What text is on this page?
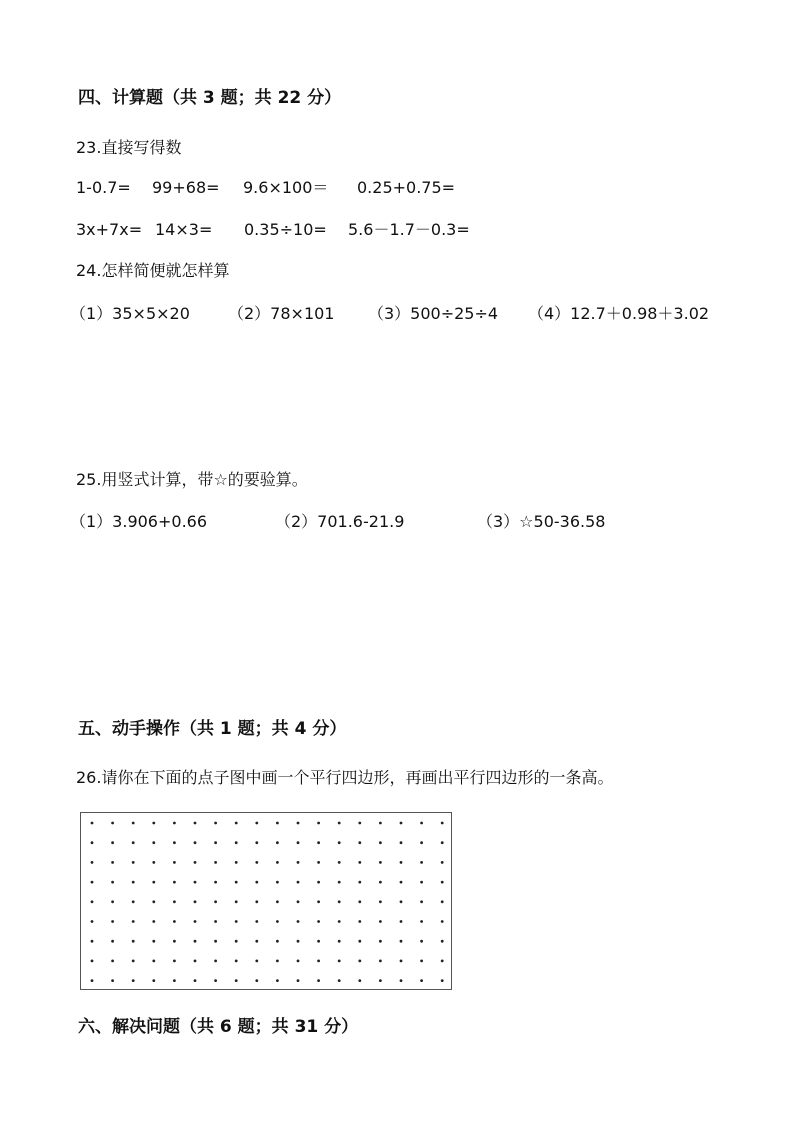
四、计算题（共 3 题；共 22 分）
23.直接写得数
1-0.7= 99+68= 9.6×100＝ 0.25+0.75=
3x+7x= 14×3= 0.35÷10= 5.6－1.7－0.3=
24.怎样简便就怎样算
（1）35×5×20 （2）78×101 （3）500÷25÷4 （4）12.7＋0.98＋3.02
25.用竖式计算，带☆的要验算。
（1）3.906+0.66	（2）701.6-21.9	（3）☆50-36.58
五、动手操作（共 1 题；共 4 分）
26.请你在下面的点子图中画一个平行四边形，再画出平行四边形的一条高。
六、解决问题（共 6 题；共 31 分）
